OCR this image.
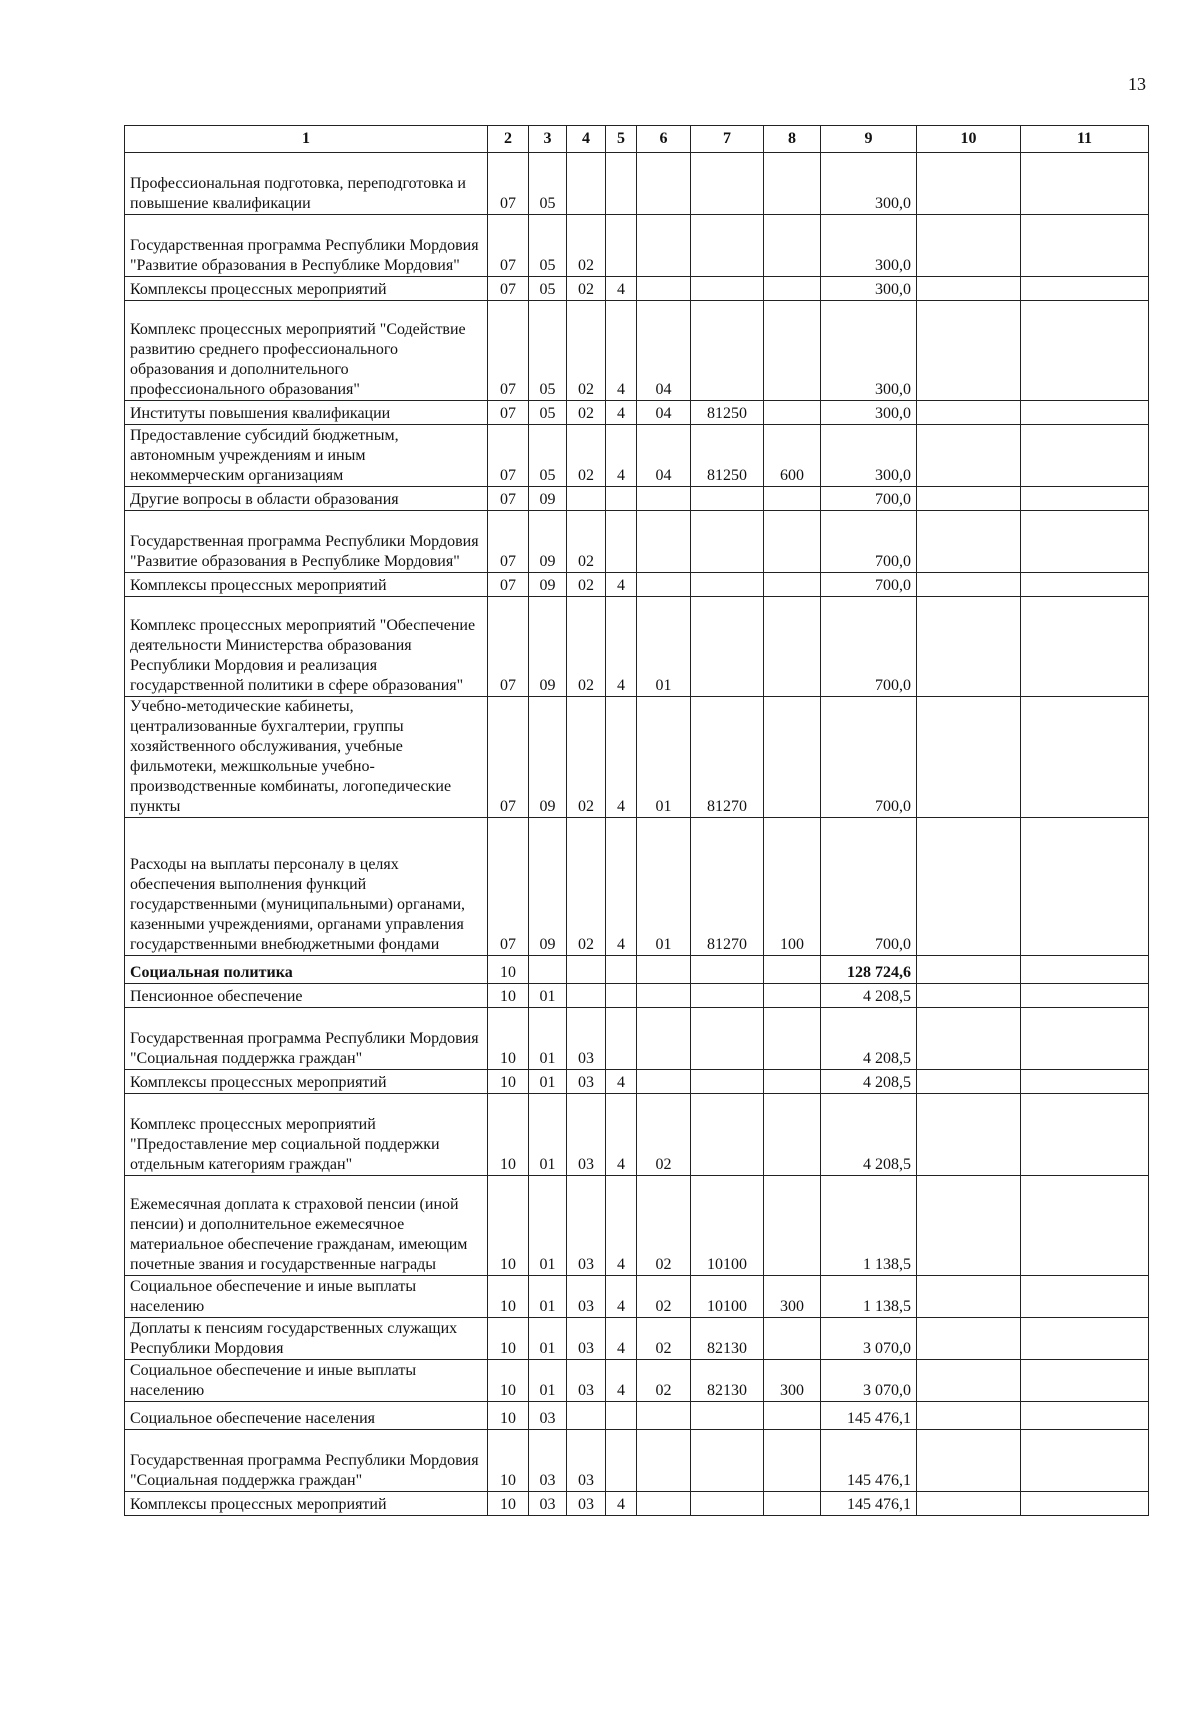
13
1	2	3	4	5	6	7	8	9	10	11
Профессиональная подготовка, переподготовка и повышение квалификации	07	05						300,0		
Государственная программа Республики Мордовия "Развитие образования в Республике Мордовия"	07	05	02					300,0		
Комплексы процессных мероприятий	07	05	02	4				300,0		
Комплекс процессных мероприятий "Содействие развитию среднего профессионального образования и дополнительного профессионального образования"	07	05	02	4	04			300,0		
Институты повышения квалификации	07	05	02	4	04	81250		300,0		
Предоставление субсидий бюджетным, автономным учреждениям и иным некоммерческим организациям	07	05	02	4	04	81250	600	300,0		
Другие вопросы в области образования	07	09						700,0		
Государственная программа Республики Мордовия "Развитие образования в Республике Мордовия"	07	09	02					700,0		
Комплексы процессных мероприятий	07	09	02	4				700,0		
Комплекс процессных мероприятий "Обеспечение деятельности Министерства образования Республики Мордовия и реализация государственной политики в сфере образования"	07	09	02	4	01			700,0		
Учебно-методические кабинеты, централизованные бухгалтерии, группы хозяйственного обслуживания, учебные фильмотеки, межшкольные учебно-производственные комбинаты, логопедические пункты	07	09	02	4	01	81270		700,0		
Расходы на выплаты персоналу в целях обеспечения выполнения функций государственными (муниципальными) органами, казенными учреждениями, органами управления государственными внебюджетными фондами	07	09	02	4	01	81270	100	700,0		
Социальная политика	10							128 724,6		
Пенсионное обеспечение	10	01						4 208,5		
Государственная программа Республики Мордовия "Социальная поддержка граждан"	10	01	03					4 208,5		
Комплексы процессных мероприятий	10	01	03	4				4 208,5		
Комплекс процессных мероприятий "Предоставление мер социальной поддержки отдельным категориям граждан"	10	01	03	4	02			4 208,5		
Ежемесячная доплата к страховой пенсии (иной пенсии) и дополнительное ежемесячное материальное обеспечение гражданам, имеющим почетные звания и государственные награды	10	01	03	4	02	10100		1 138,5		
Социальное обеспечение и иные выплаты населению	10	01	03	4	02	10100	300	1 138,5		
Доплаты к пенсиям государственных служащих Республики Мордовия	10	01	03	4	02	82130		3 070,0		
Социальное обеспечение и иные выплаты населению	10	01	03	4	02	82130	300	3 070,0		
Социальное обеспечение населения	10	03						145 476,1		
Государственная программа Республики Мордовия "Социальная поддержка граждан"	10	03	03					145 476,1		
Комплексы процессных мероприятий	10	03	03	4				145 476,1		
